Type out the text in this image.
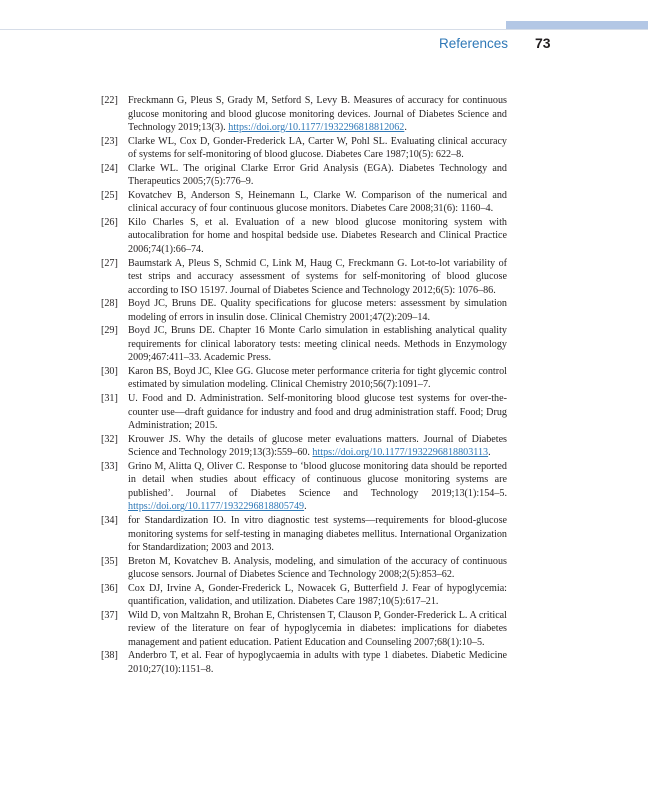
References 73
[22] Freckmann G, Pleus S, Grady M, Setford S, Levy B. Measures of accuracy for continuous glucose monitoring and blood glucose monitoring devices. Journal of Diabetes Science and Technology 2019;13(3). https://doi.org/10.1177/1932296818812062.
[23] Clarke WL, Cox D, Gonder-Frederick LA, Carter W, Pohl SL. Evaluating clinical accuracy of systems for self-monitoring of blood glucose. Diabetes Care 1987;10(5): 622–8.
[24] Clarke WL. The original Clarke Error Grid Analysis (EGA). Diabetes Technology and Therapeutics 2005;7(5):776–9.
[25] Kovatchev B, Anderson S, Heinemann L, Clarke W. Comparison of the numerical and clinical accuracy of four continuous glucose monitors. Diabetes Care 2008;31(6): 1160–4.
[26] Kilo Charles S, et al. Evaluation of a new blood glucose monitoring system with autocalibration for home and hospital bedside use. Diabetes Research and Clinical Practice 2006;74(1):66–74.
[27] Baumstark A, Pleus S, Schmid C, Link M, Haug C, Freckmann G. Lot-to-lot variability of test strips and accuracy assessment of systems for self-monitoring of blood glucose according to ISO 15197. Journal of Diabetes Science and Technology 2012;6(5): 1076–86.
[28] Boyd JC, Bruns DE. Quality specifications for glucose meters: assessment by simulation modeling of errors in insulin dose. Clinical Chemistry 2001;47(2):209–14.
[29] Boyd JC, Bruns DE. Chapter 16 Monte Carlo simulation in establishing analytical quality requirements for clinical laboratory tests: meeting clinical needs. Methods in Enzymology 2009;467:411–33. Academic Press.
[30] Karon BS, Boyd JC, Klee GG. Glucose meter performance criteria for tight glycemic control estimated by simulation modeling. Clinical Chemistry 2010;56(7):1091–7.
[31] U. Food and D. Administration. Self-monitoring blood glucose test systems for over-the-counter use—draft guidance for industry and food and drug administration staff. Food; Drug Administration; 2015.
[32] Krouwer JS. Why the details of glucose meter evaluations matters. Journal of Diabetes Science and Technology 2019;13(3):559–60. https://doi.org/10.1177/1932296818803113.
[33] Grino M, Alitta Q, Oliver C. Response to ‘blood glucose monitoring data should be reported in detail when studies about efficacy of continuous glucose monitoring systems are published’. Journal of Diabetes Science and Technology 2019;13(1):154–5. https://doi.org/10.1177/1932296818805749.
[34] for Standardization IO. In vitro diagnostic test systems—requirements for blood-glucose monitoring systems for self-testing in managing diabetes mellitus. International Organization for Standardization; 2003 and 2013.
[35] Breton M, Kovatchev B. Analysis, modeling, and simulation of the accuracy of continuous glucose sensors. Journal of Diabetes Science and Technology 2008;2(5):853–62.
[36] Cox DJ, Irvine A, Gonder-Frederick L, Nowacek G, Butterfield J. Fear of hypoglycemia: quantification, validation, and utilization. Diabetes Care 1987;10(5):617–21.
[37] Wild D, von Maltzahn R, Brohan E, Christensen T, Clauson P, Gonder-Frederick L. A critical review of the literature on fear of hypoglycemia in diabetes: implications for diabetes management and patient education. Patient Education and Counseling 2007;68(1):10–5.
[38] Anderbro T, et al. Fear of hypoglycaemia in adults with type 1 diabetes. Diabetic Medicine 2010;27(10):1151–8.
